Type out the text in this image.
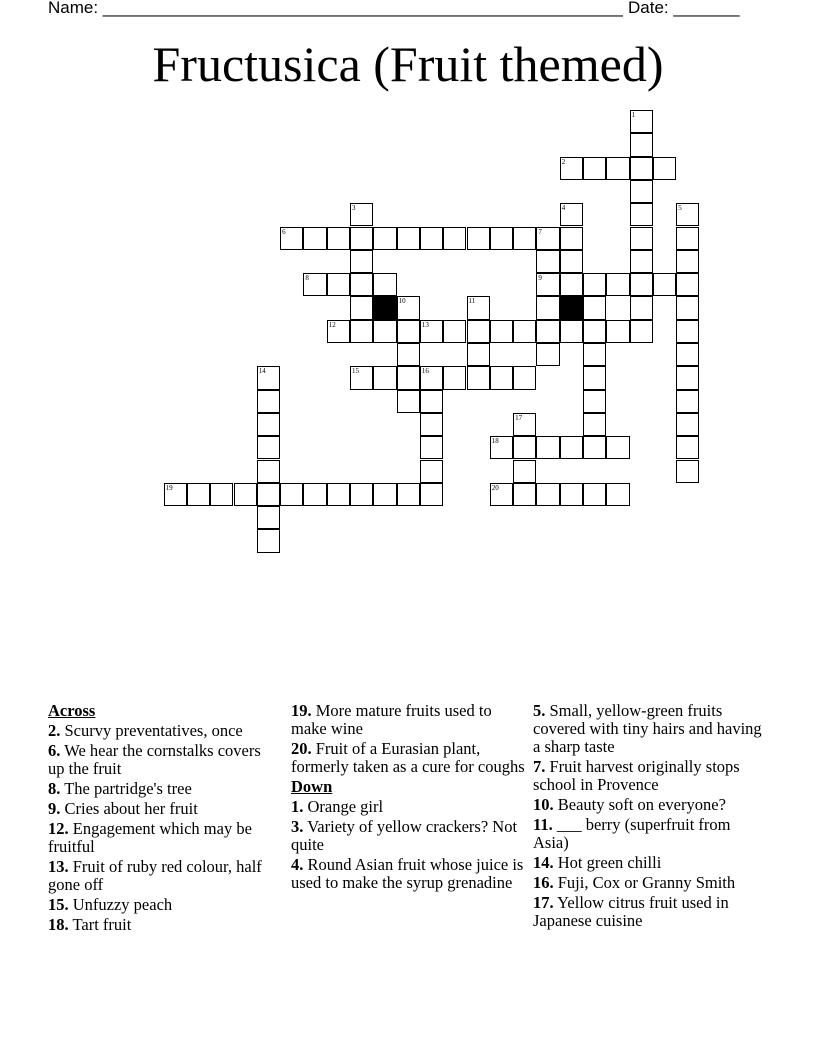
Name: _______________________________________________________ Date: _______
Fructusica (Fruit themed)
1
2
3	4	5
6	7
8	9
10	11
12	13
14	15	16
17
18
19	20
Across
2. Scurvy preventatives, once
6. We hear the cornstalks covers up the fruit
8. The partridge's tree
9. Cries about her fruit
12. Engagement which may be fruitful
13. Fruit of ruby red colour, half gone off
15. Unfuzzy peach
18. Tart fruit
19. More mature fruits used to make wine
20. Fruit of a Eurasian plant, formerly taken as a cure for coughs
Down
1. Orange girl
3. Variety of yellow crackers? Not quite
4. Round Asian fruit whose juice is used to make the syrup grenadine
5. Small, yellow-green fruits covered with tiny hairs and having a sharp taste
7. Fruit harvest originally stops school in Provence
10. Beauty soft on everyone?
11. ___ berry (superfruit from Asia)
14. Hot green chilli
16. Fuji, Cox or Granny Smith
17. Yellow citrus fruit used in Japanese cuisine
